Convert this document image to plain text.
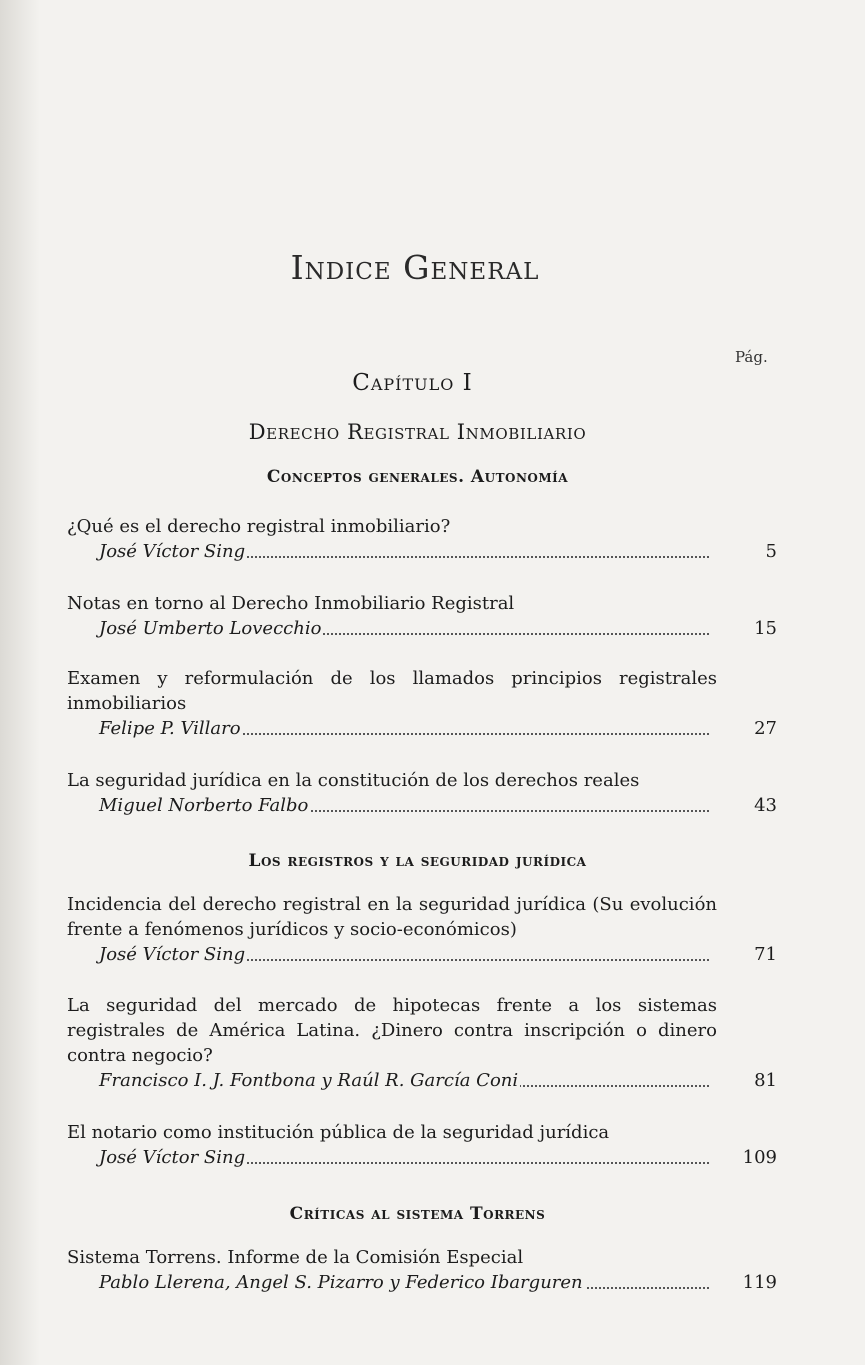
Indice General
Pág.
Capítulo I
Derecho Registral Inmobiliario
Conceptos generales. Autonomía
¿Qué es el derecho registral inmobiliario?
José Víctor Sing	5
Notas en torno al Derecho Inmobiliario Registral
José Umberto Lovecchio	15
Examen y reformulación de los llamados principios registrales inmobiliarios
Felipe P. Villaro	27
La seguridad jurídica en la constitución de los derechos reales
Miguel Norberto Falbo	43
Los registros y la seguridad jurídica
Incidencia del derecho registral en la seguridad jurídica (Su evolución frente a fenómenos jurídicos y socio-económicos)
José Víctor Sing	71
La seguridad del mercado de hipotecas frente a los sistemas registrales de América Latina. ¿Dinero contra inscripción o dinero contra negocio?
Francisco I. J. Fontbona y Raúl R. García Coni	81
El notario como institución pública de la seguridad jurídica
José Víctor Sing	109
Críticas al sistema Torrens
Sistema Torrens. Informe de la Comisión Especial
Pablo Llerena, Angel S. Pizarro y Federico Ibarguren	119
